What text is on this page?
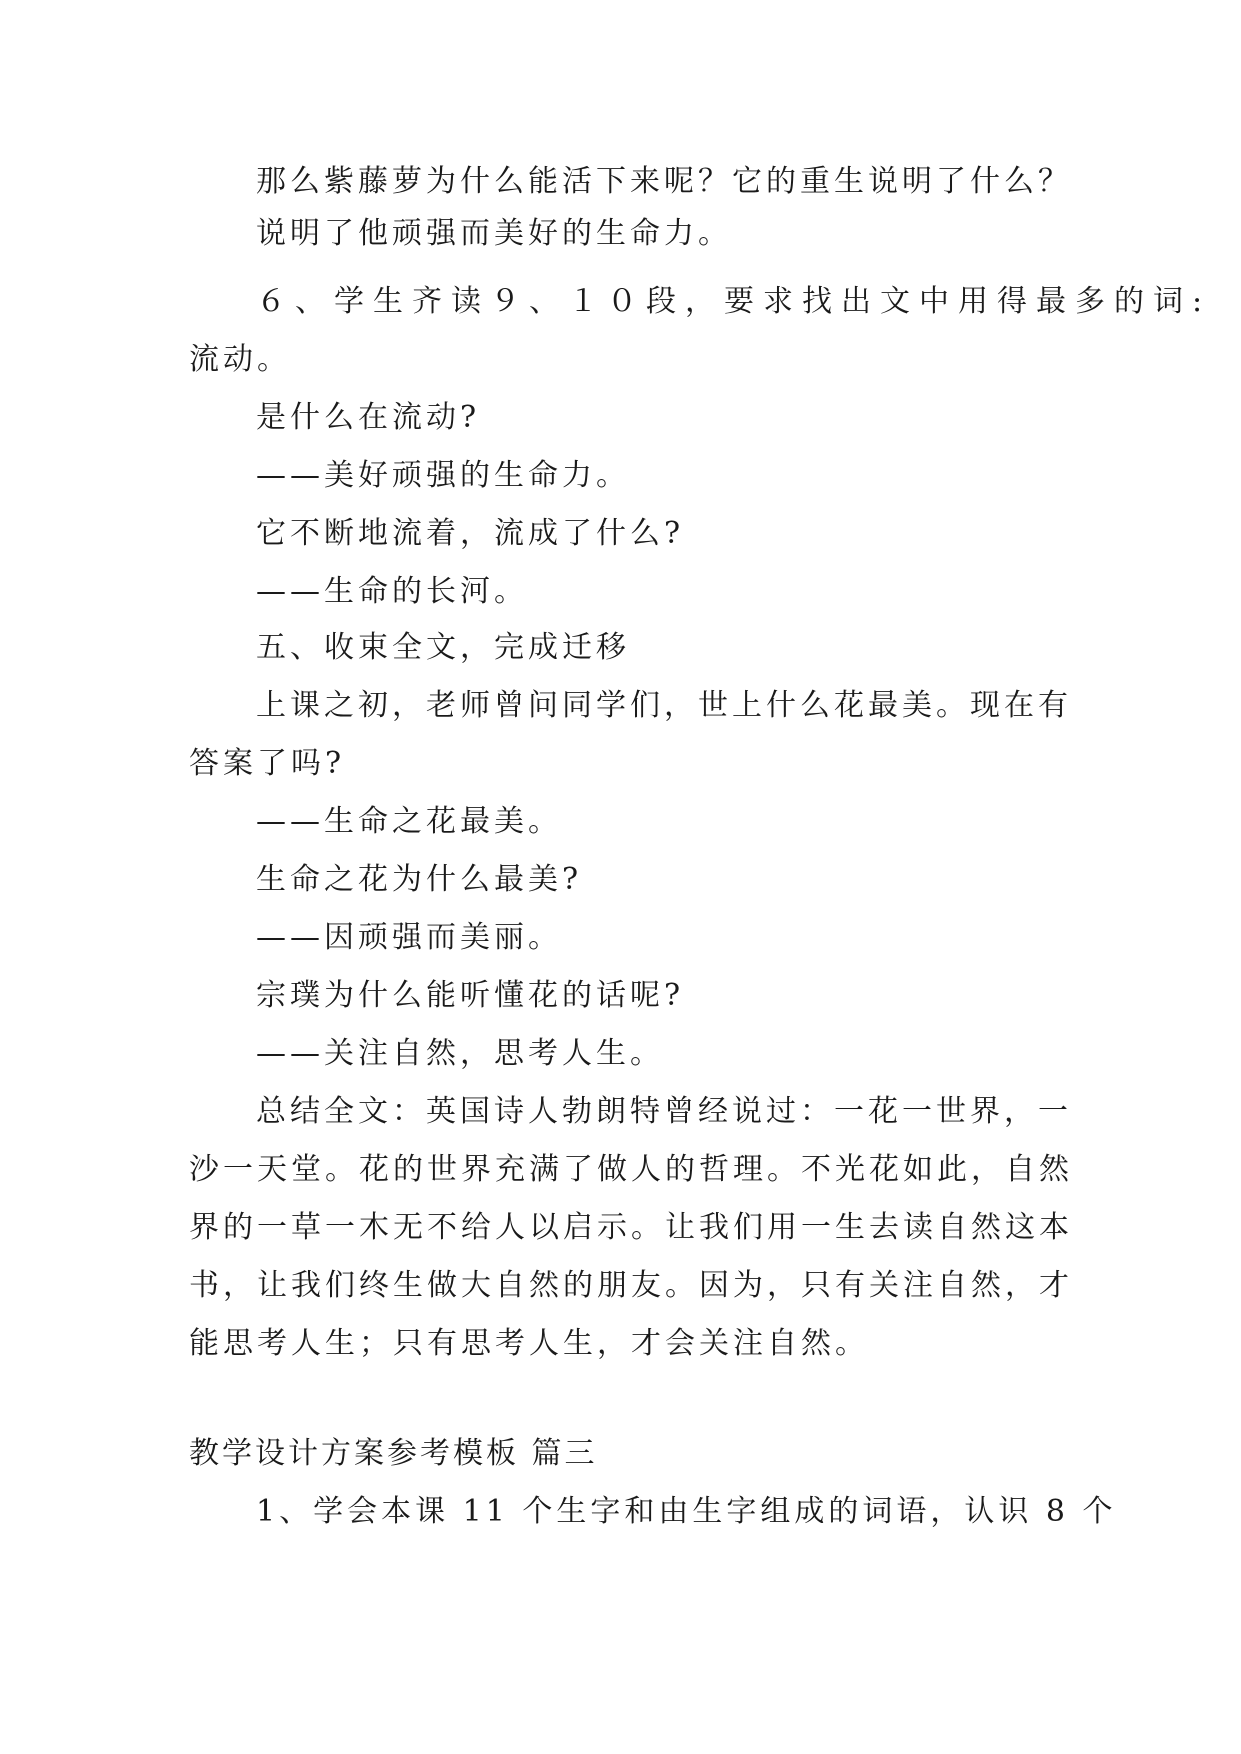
那么紫藤萝为什么能活下来呢？它的重生说明了什么？
说明了他顽强而美好的生命力。
６、学生齐读９、１０段，要求找出文中用得最多的词:
流动。
是什么在流动?
——美好顽强的生命力。
它不断地流着，流成了什么?
——生命的长河。
五、收束全文，完成迁移
上课之初，老师曾问同学们，世上什么花最美。现在有
答案了吗?
——生命之花最美。
生命之花为什么最美?
——因顽强而美丽。
宗璞为什么能听懂花的话呢?
——关注自然，思考人生。
总结全文：英国诗人勃朗特曾经说过：一花一世界，一
沙一天堂。花的世界充满了做人的哲理。不光花如此，自然
界的一草一木无不给人以启示。让我们用一生去读自然这本
书，让我们终生做大自然的朋友。因为，只有关注自然，才
能思考人生；只有思考人生，才会关注自然。
教学设计方案参考模板 篇三
1、学会本课 11 个生字和由生字组成的词语，认识 8 个
